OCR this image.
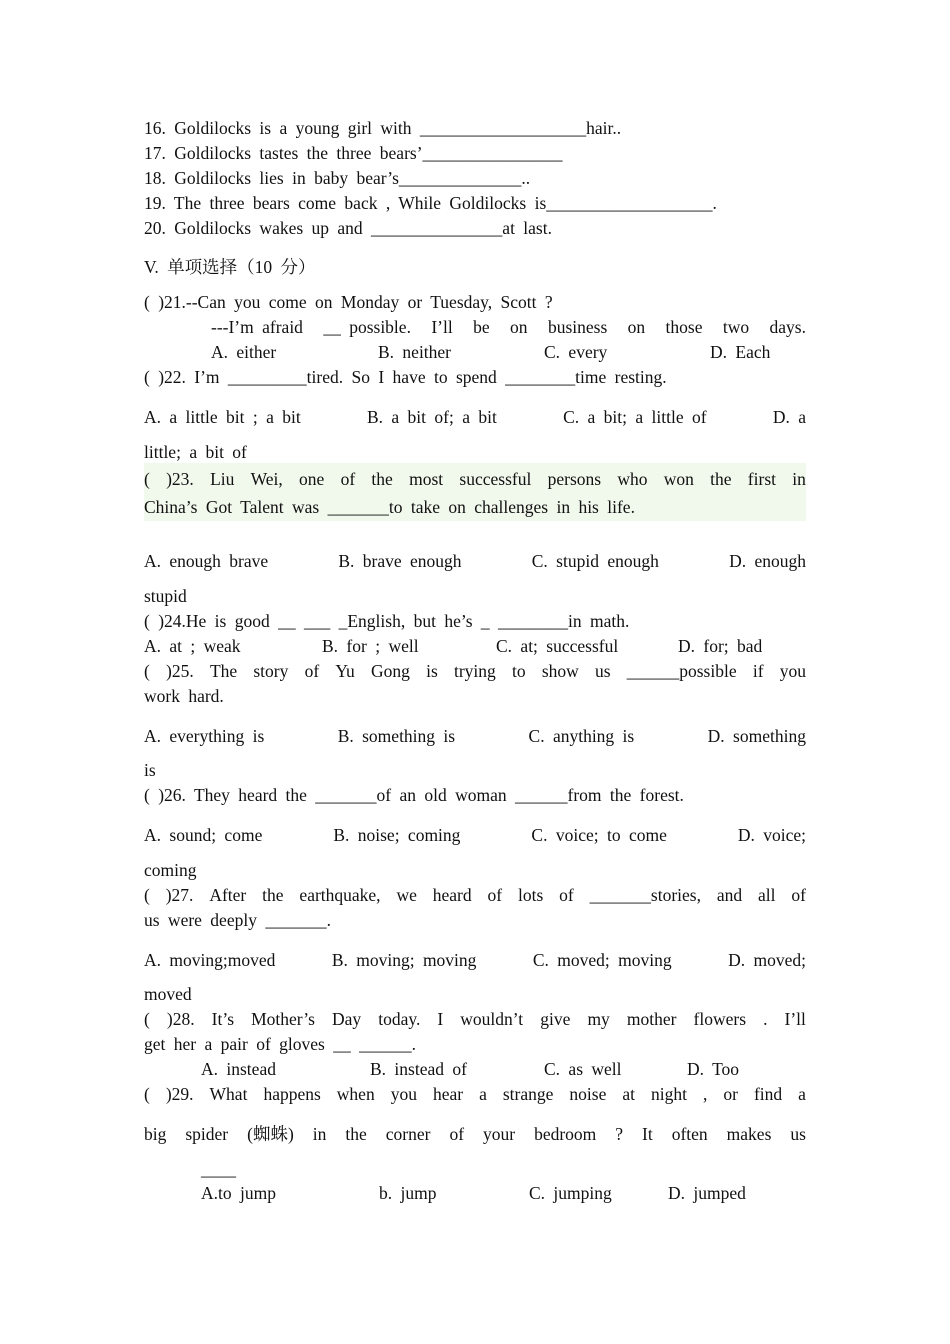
16. Goldilocks is a young girl with ___________________hair..
17. Goldilocks tastes the three bears’________________
18. Goldilocks lies in baby bear’s______________..
19. The three bears come back , While Goldilocks is___________________.
20. Goldilocks wakes up and _______________at last.
V. 单项选择（10 分）
( )21.--Can you come on Monday or Tuesday, Scott ?
---I’m afraid __ possible. I’ll be on business on those two days.
A. either	B. neither	C. every	D. Each
( )22. I’m _________tired. So I have to spend ________time resting.
A. a little bit ; a bit	B. a bit of; a bit	C. a bit; a little of	D. a
little; a bit of
( )23. Liu Wei, one of the most successful persons who won the first in
China’s Got Talent was _______to take on challenges in his life.
A. enough brave	B. brave enough	C. stupid enough	D. enough
stupid
( )24.He is good __ ___ _English, but he’s _ ________in math.
A. at ; weak	B. for ; well	C. at; successful	D. for; bad
( )25. The story of Yu Gong is trying to show us ______possible if you
work hard.
A. everything is	B. something is	C. anything is	D. something
is
( )26. They heard the _______of an old woman ______from the forest.
A. sound; come	B. noise; coming	C. voice; to come	D. voice;
coming
( )27. After the earthquake, we heard of lots of _______stories, and all of
us were deeply _______.
A. moving;moved	B. moving; moving	C. moved; moving	D. moved;
moved
( )28. It’s Mother’s Day today. I wouldn’t give my mother flowers . I’ll
get her a pair of gloves __ ______.
A. instead	B. instead of	C. as well	D. Too
( )29. What happens when you hear a strange noise at night , or find a
big spider (蜘蛛) in the corner of your bedroom ? It often makes us
____
A.to jump	b. jump	C. jumping	D. jumped
